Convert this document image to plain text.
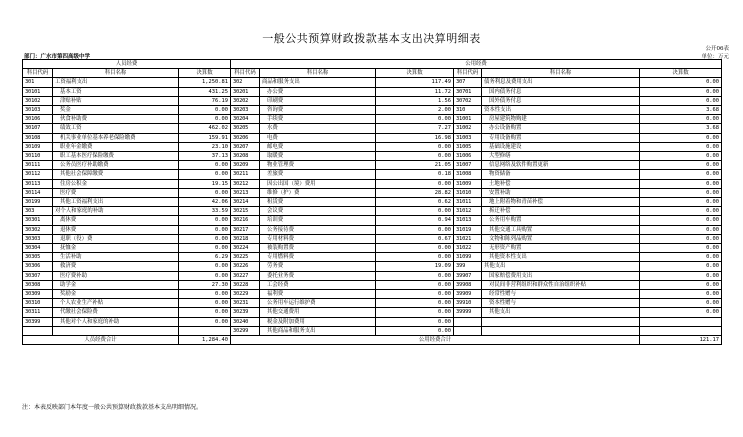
一般公共预算财政拨款基本支出决算明细表
公开06表
部门：广水市第四高级中学	单位：万元
人员经费			公用经费					
科目代码	科目名称	决算数	科目代码	科目名称	决算数	科目代码	科目名称	决算数
301	工资福利支出	1,250.81	302	商品和服务支出	117.49	307	债务利息及费用支出	0.00
30101	基本工资	431.25	30201	办公费	11.72	30701	国内债务付息	0.00
30102	津贴补贴	76.19	30202	印刷费	1.56	30702	国外债务付息	0.00
30103	奖金	0.00	30203	咨询费	2.00	310	资本性支出	3.68
30106	伙食补助费	0.00	30204	手续费	0.00	31001	房屋建筑物购建	0.00
30107	绩效工资	462.02	30205	水费	7.27	31002	办公设备购置	3.68
30108	机关事业单位基本养老保险缴费	159.91	30206	电费	16.98	31003	专用设备购置	0.00
30109	职业年金缴费	23.10	30207	邮电费	0.00	31005	基础设施建设	0.00
30110	职工基本医疗保险缴费	37.13	30208	取暖费	0.00	31006	大型修缮	0.00
30111	公务员医疗补助缴费	0.00	30209	物业管理费	21.05	31007	信息网络及软件购置更新	0.00
30112	其他社会保障缴费	0.00	30211	差旅费	0.18	31008	物资储备	0.00
30113	住房公积金	19.15	30212	因公出国（境）费用	0.00	31009	土地补偿	0.00
30114	医疗费	0.00	30213	维修（护）费	28.82	31010	安置补助	0.00
30199	其他工资福利支出	42.06	30214	租赁费	0.62	31011	地上附着物和青苗补偿	0.00
303	对个人和家庭的补助	33.59	30215	会议费	0.00	31012	拆迁补偿	0.00
30301	离休费	0.00	30216	培训费	0.94	31013	公务用车购置	0.00
30302	退休费	0.00	30217	公务接待费	0.00	31019	其他交通工具购置	0.00
30303	退职（役）费	0.00	30218	专用材料费	0.67	31021	文物和陈列品购置	0.00
30304	抚恤金	0.00	30224	被装购置费	0.00	31022	无形资产购置	0.00
30305	生活补助	6.29	30225	专用燃料费	0.00	31099	其他资本性支出	0.00
30306	救济费	0.00	30226	劳务费	19.09	399	其他支出	0.00
30307	医疗费补助	0.00	30227	委托业务费	0.00	39907	国家赔偿费用支出	0.00
30308	助学金	27.30	30228	工会经费	0.00	39908	对民间非营利组织和群众性自治组织补贴	0.00
30309	奖励金	0.00	30229	福利费	0.00	39909	经常性赠与	0.00
30310	个人农业生产补贴	0.00	30231	公务用车运行维护费	0.00	39910	资本性赠与	0.00
30311	代缴社会保险费	0.00	30239	其他交通费用	0.00	39999	其他支出	0.00
30399	其他对个人和家庭的补助	0.00	30240	税金及附加费用	0.00			
			30299	其他商品和服务支出	0.00			
人员经费合计		1,284.40	公用经费合计					121.17
注：本表反映部门本年度一般公共预算财政拨款基本支出明细情况。
